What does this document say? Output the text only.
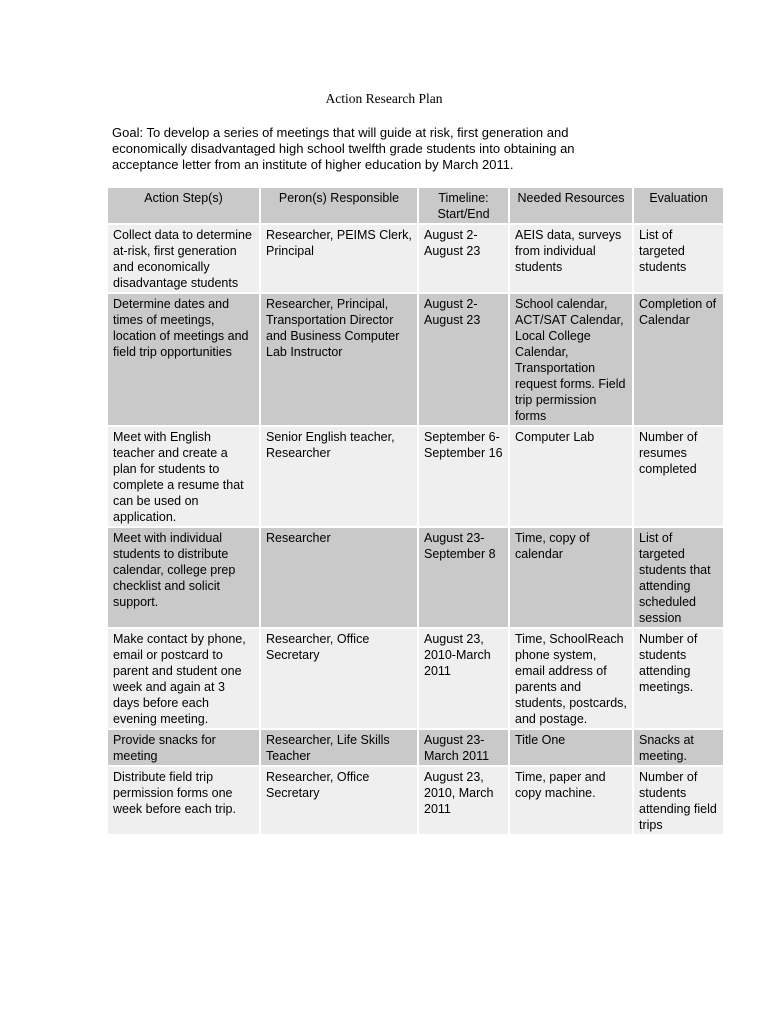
Action Research Plan
Goal: To develop a series of meetings that will guide at risk, first generation and economically disadvantaged high school twelfth grade students into obtaining an acceptance letter from an institute of higher education by March 2011.
Action Step(s)	Peron(s) Responsible	Timeline: Start/End	Needed Resources	Evaluation
Collect data to determine at-risk, first generation and economically disadvantage students	Researcher, PEIMS Clerk, Principal	August 2-August 23	AEIS data, surveys from individual students	List of targeted students
Determine dates and times of meetings, location of meetings and field trip opportunities	Researcher, Principal, Transportation Director and Business Computer Lab Instructor	August 2-August 23	School calendar, ACT/SAT Calendar, Local College Calendar, Transportation request forms. Field trip permission forms	Completion of Calendar
Meet with English teacher and create a plan for students to complete a resume that can be used on application.	Senior English teacher, Researcher	September 6-September 16	Computer Lab	Number of resumes completed
Meet with individual students to distribute calendar, college prep checklist and solicit support.	Researcher	August 23-September 8	Time, copy of calendar	List of targeted students that attending scheduled session
Make contact by phone, email or postcard to parent and student one week and again at 3 days before each evening meeting.	Researcher, Office Secretary	August 23, 2010-March 2011	Time, SchoolReach phone system, email address of parents and students, postcards, and postage.	Number of students attending meetings.
Provide snacks for meeting	Researcher, Life Skills Teacher	August 23-March 2011	Title One	Snacks at meeting.
Distribute field trip permission forms one week before each trip.	Researcher, Office Secretary	August 23, 2010, March 2011	Time, paper and copy machine.	Number of students attending field trips
